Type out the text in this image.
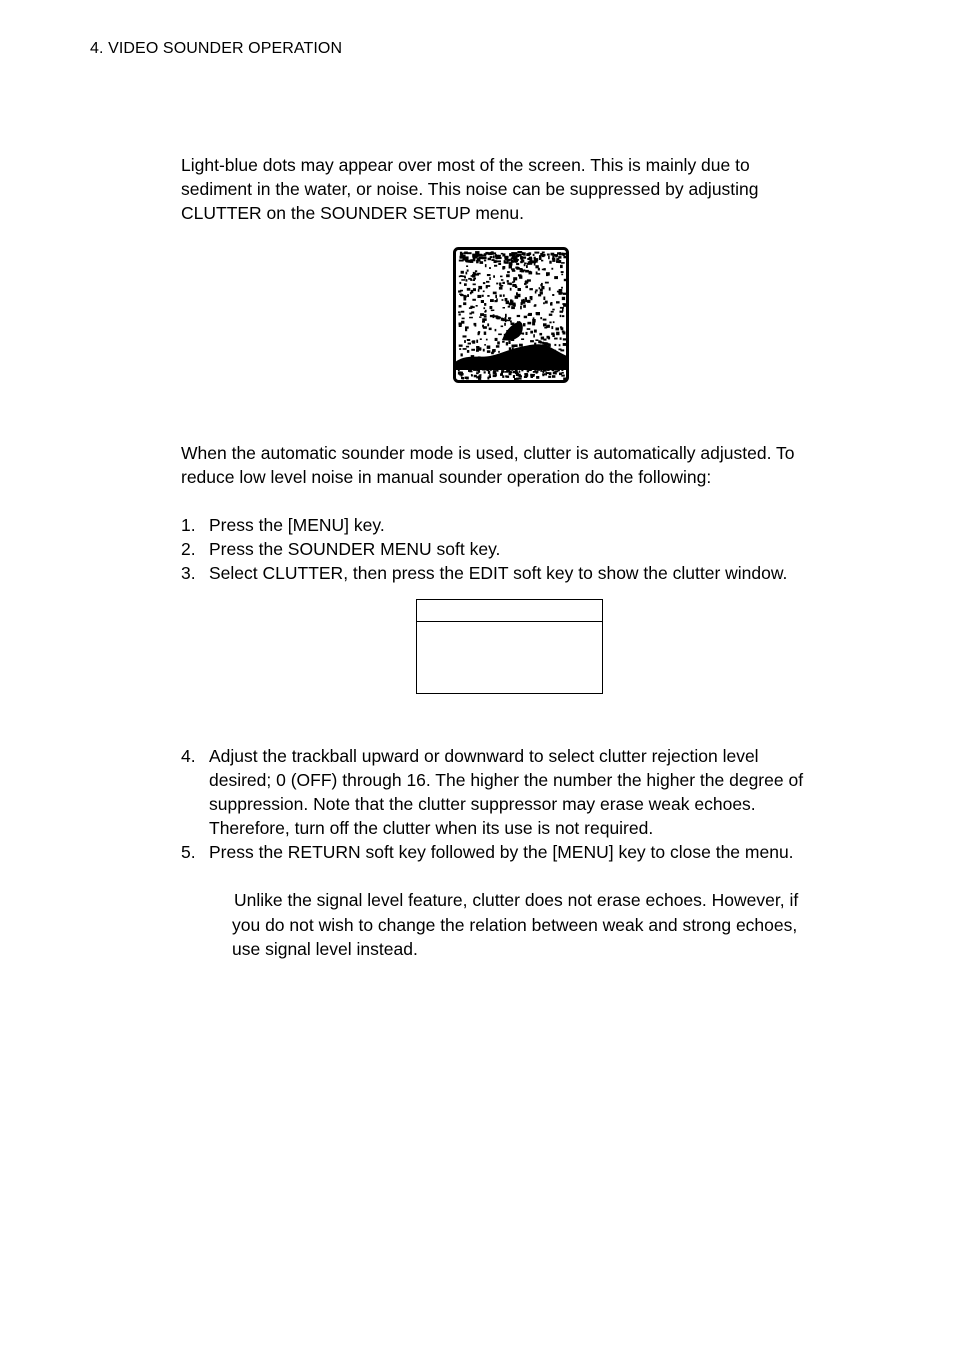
4. VIDEO SOUNDER OPERATION

Light-blue dots may appear over most of the screen. This is mainly due to
sediment in the water, or noise. This noise can be suppressed by adjusting
CLUTTER on the SOUNDER SETUP menu.

When the automatic sounder mode is used, clutter is automatically adjusted. To
reduce low level noise in manual sounder operation do the following:

1. Press the [MENU] key.
2. Press the SOUNDER MENU soft key.
3. Select CLUTTER, then press the EDIT soft key to show the clutter window.
4. Adjust the trackball upward or downward to select clutter rejection level
desired; 0 (OFF) through 16. The higher the number the higher the degree of
suppression. Note that the clutter suppressor may erase weak echoes.
Therefore, turn off the clutter when its use is not required.
5. Press the RETURN soft key followed by the [MENU] key to close the menu.

Unlike the signal level feature, clutter does not erase echoes. However, if
you do not wish to change the relation between weak and strong echoes,
use signal level instead.
